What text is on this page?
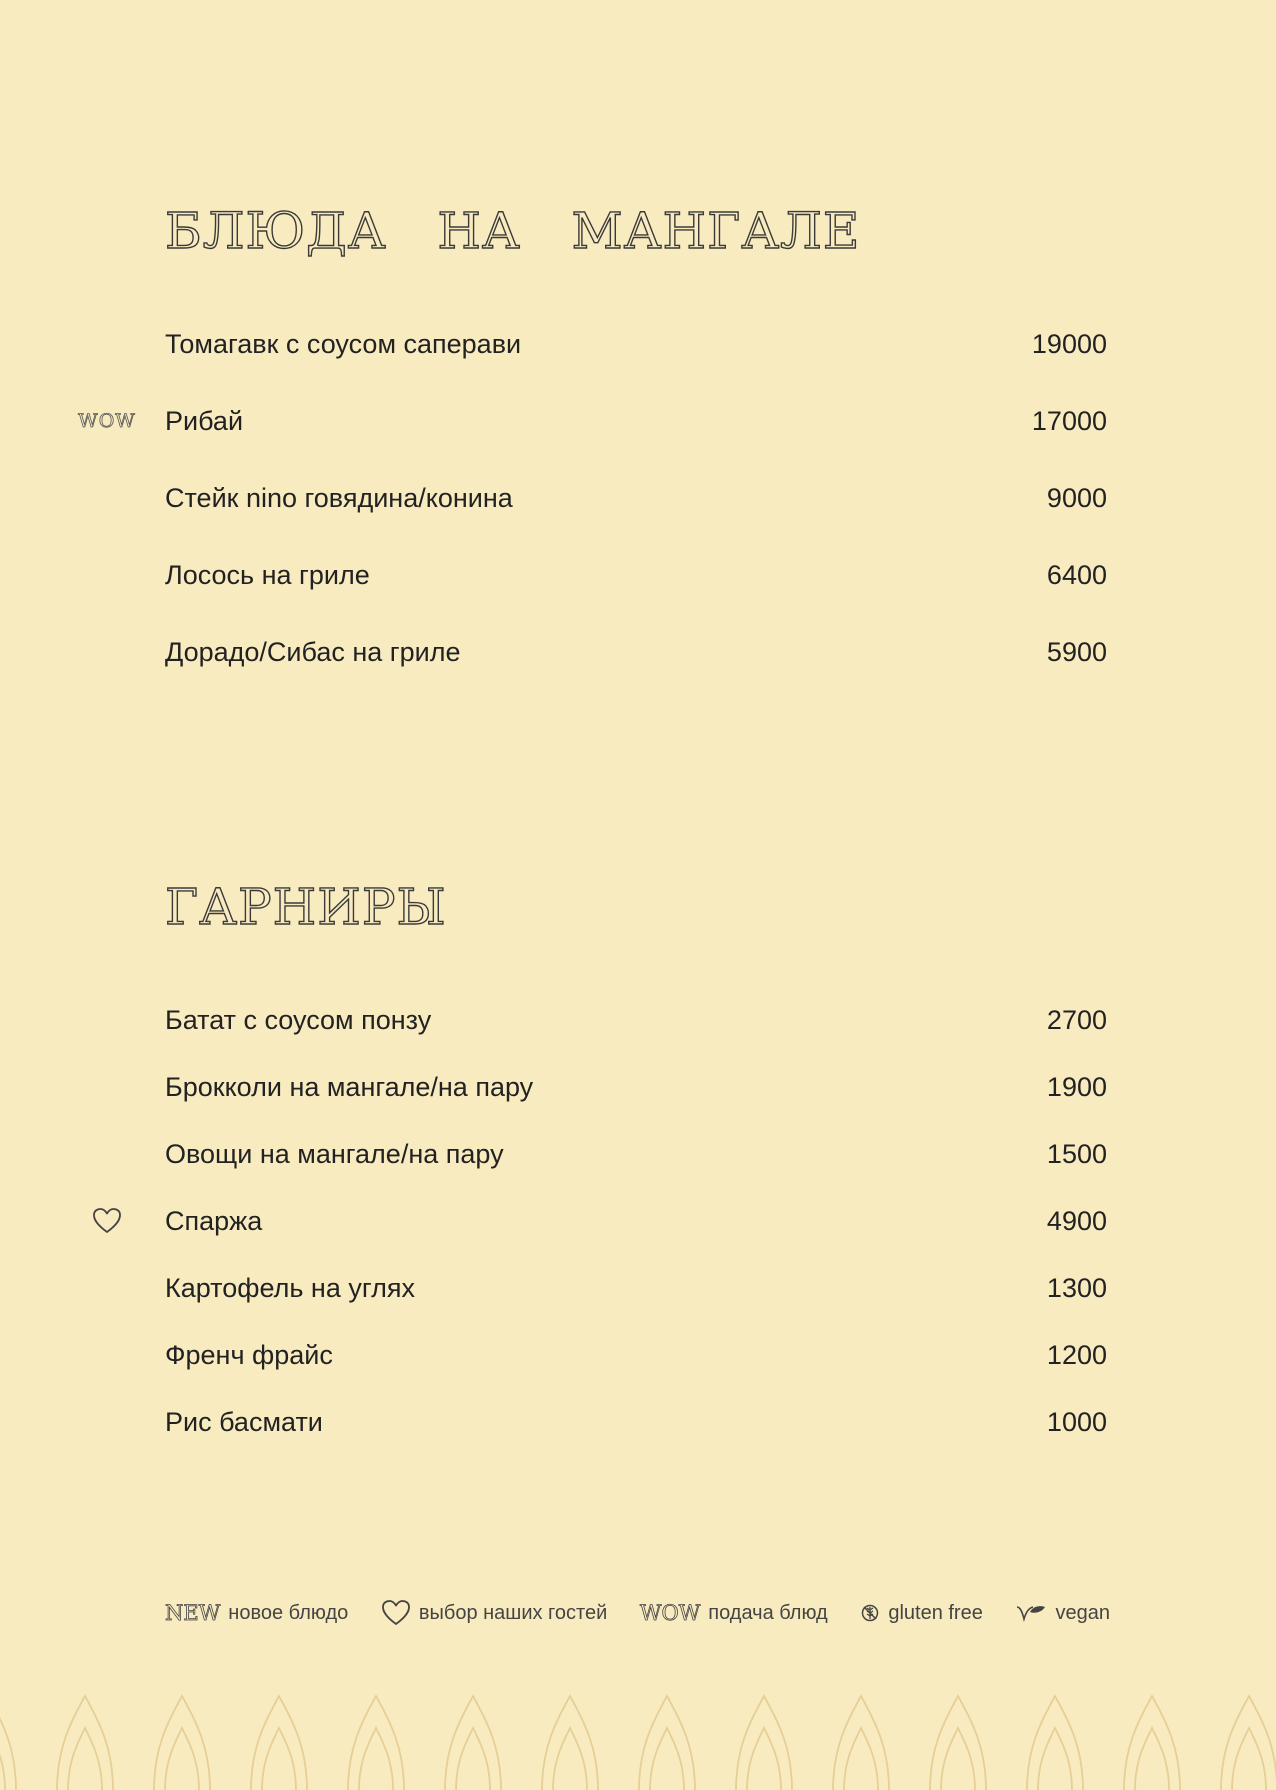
БЛЮДА   НА   МАНГАЛЕ
Томагавк с соусом саперави	19000
WOW Рибай	17000
Стейк nino говядина/конина	9000
Лосось на гриле	6400
Дорадо/Сибас на гриле	5900
ГАРНИРЫ
Батат с соусом понзу	2700
Брокколи на мангале/на пару	1900
Овощи на мангале/на пару	1500
Спаржа	4900
Картофель на углях	1300
Френч фрайс	1200
Рис басмати	1000
NEW новое блюдо	выбор наших гостей WOW подача блюд	gluten free	vegan
